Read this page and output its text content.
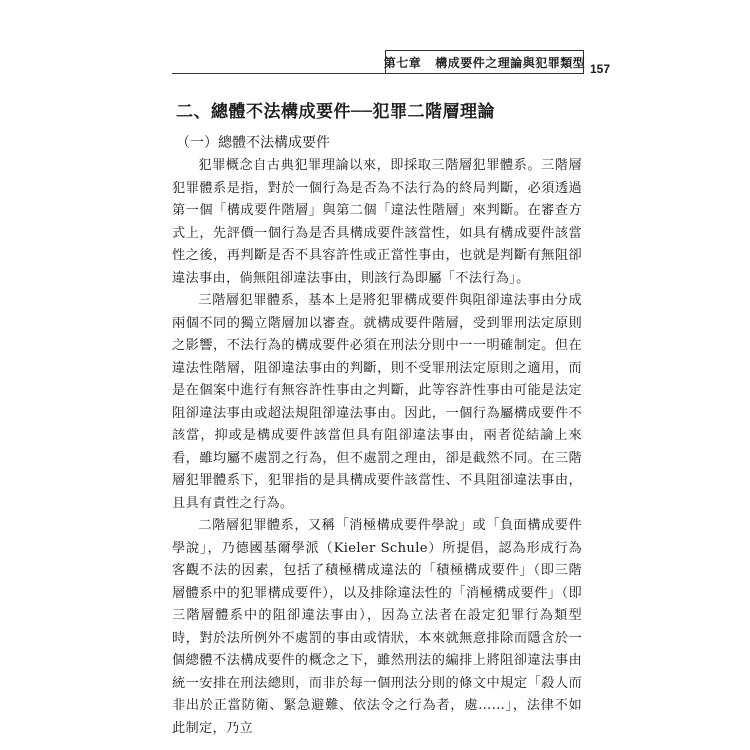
第七章 構成要件之理論與犯罪類型 157
二、總體不法構成要件──犯罪二階層理論
（一）總體不法構成要件

犯罪概念自古典犯罪理論以來，即採取三階層犯罪體系。三階層犯罪體系是指，對於一個行為是否為不法行為的終局判斷，必須透過第一個「構成要件階層」與第二個「違法性階層」來判斷。在審查方式上，先評價一個行為是否具構成要件該當性，如具有構成要件該當性之後，再判斷是否不具容許性或正當性事由，也就是判斷有無阻卻違法事由，倘無阻卻違法事由，則該行為即屬「不法行為」。

三階層犯罪體系，基本上是將犯罪構成要件與阻卻違法事由分成兩個不同的獨立階層加以審查。就構成要件階層，受到罪刑法定原則之影響，不法行為的構成要件必須在刑法分則中一一明確制定。但在違法性階層，阻卻違法事由的判斷，則不受罪刑法定原則之適用，而是在個案中進行有無容許性事由之判斷，此等容許性事由可能是法定阻卻違法事由或超法規阻卻違法事由。因此，一個行為屬構成要件不該當，抑或是構成要件該當但具有阻卻違法事由，兩者從結論上來看，雖均屬不處罰之行為，但不處罰之理由，卻是截然不同。在三階層犯罪體系下，犯罪指的是具構成要件該當性、不具阻卻違法事由，且具有責性之行為。

二階層犯罪體系，又稱「消極構成要件學說」或「負面構成要件學說」，乃德國基爾學派（Kieler Schule）所提倡，認為形成行為客觀不法的因素，包括了積極構成違法的「積極構成要件」（即三階層體系中的犯罪構成要件），以及排除違法性的「消極構成要件」（即三階層體系中的阻卻違法事由），因為立法者在設定犯罪行為類型時，對於法所例外不處罰的事由或情狀，本來就無意排除而隱含於一個總體不法構成要件的概念之下，雖然刑法的編排上將阻卻違法事由統一安排在刑法總則，而非於每一個刑法分則的條文中規定「殺人而非出於正當防衛、緊急避難、依法令之行為者，處……」，法律不如此制定，乃立
